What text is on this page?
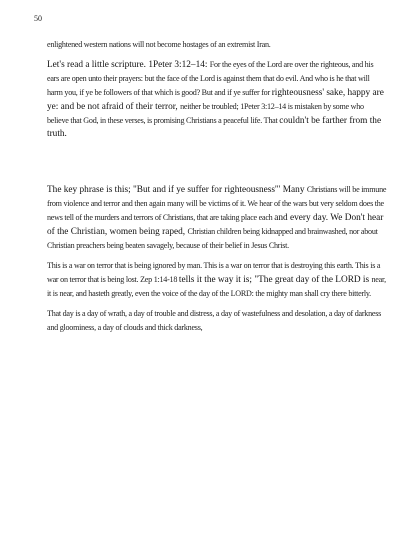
50

enlightened western nations will not become hostages of an extremist Iran.

Let's read a little scripture. 1Peter 3:12–14: For the eyes of the Lord are over the righteous, and his ears are open unto their prayers: but the face of the Lord is against them that do evil. And who is he that will harm you, if ye be followers of that which is good? But and if ye suffer for righteousness' sake, happy are ye: and be not afraid of their terror, neither be troubled; 1Peter 3:12–14 is mistaken by some who believe that God, in these verses, is promising Christians a peaceful life. That couldn't be farther from the truth.

The key phrase is this; "But and if ye suffer for righteousness'" Many Christians will be immune from violence and terror and then again many will be victims of it. We hear of the wars but very seldom does the news tell of the murders and terrors of Christians, that are taking place each and every day. We Don't hear of the Christian, women being raped, Christian children being kidnapped and brainwashed, nor about Christian preachers being beaten savagely, because of their belief in Jesus Christ.

This is a war on terror that is being ignored by man. This is a war on terror that is destroying this earth. This is a war on terror that is being lost. Zep 1:14-18 tells it the way it is; "The great day of the LORD is near, it is near, and hasteth greatly, even the voice of the day of the LORD: the mighty man shall cry there bitterly.

That day is a day of wrath, a day of trouble and distress, a day of wastefulness and desolation, a day of darkness and gloominess, a day of clouds and thick darkness,
